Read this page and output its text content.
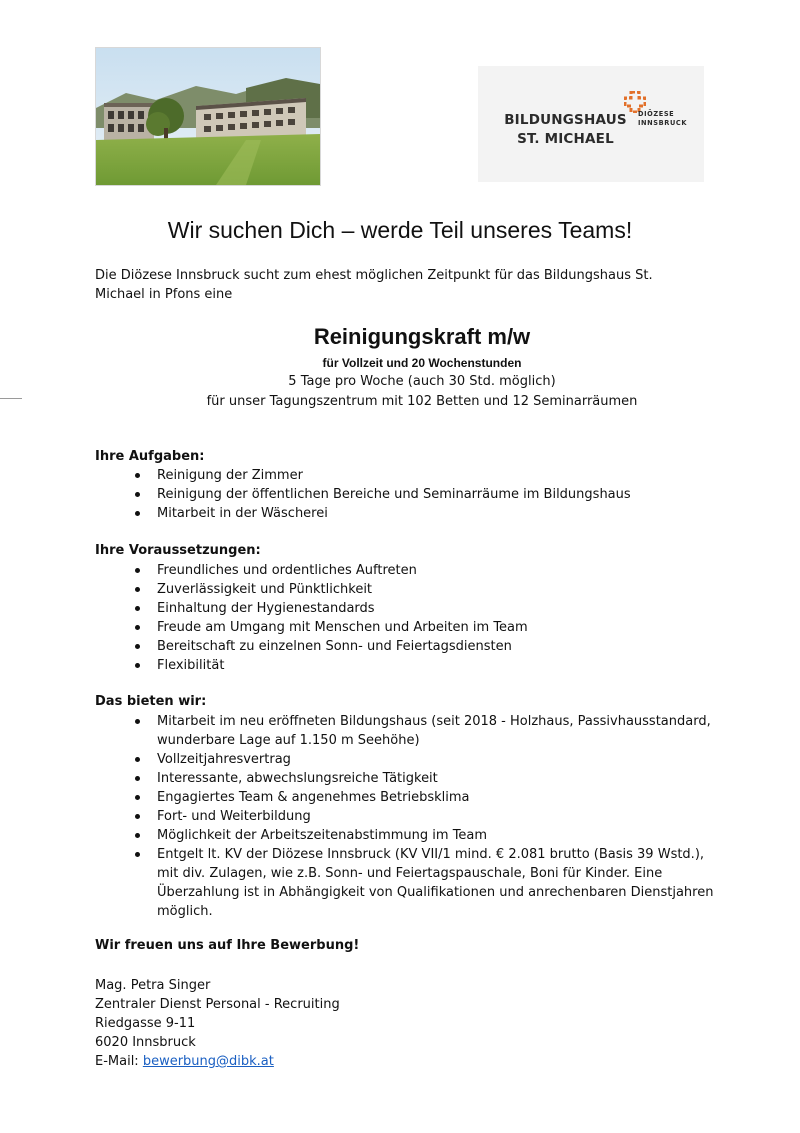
BILDUNGSHAUS
ST. MICHAEL
DIÖZESE
INNSBRUCK
Wir suchen Dich – werde Teil unseres Teams!
Die Diözese Innsbruck sucht zum ehest möglichen Zeitpunkt für das Bildungshaus St. Michael in Pfons eine
Reinigungskraft m/w
für Vollzeit und 20 Wochenstunden
5 Tage pro Woche (auch 30 Std. möglich)
für unser Tagungszentrum mit 102 Betten und 12 Seminarräumen
Ihre Aufgaben:
Reinigung der Zimmer
Reinigung der öffentlichen Bereiche und Seminarräume im Bildungshaus
Mitarbeit in der Wäscherei
Ihre Voraussetzungen:
Freundliches und ordentliches Auftreten
Zuverlässigkeit und Pünktlichkeit
Einhaltung der Hygienestandards
Freude am Umgang mit Menschen und Arbeiten im Team
Bereitschaft zu einzelnen Sonn- und Feiertagsdiensten
Flexibilität
Das bieten wir:
Mitarbeit im neu eröffneten Bildungshaus (seit 2018 - Holzhaus, Passivhausstandard, wunderbare Lage auf 1.150 m Seehöhe)
Vollzeitjahresvertrag
Interessante, abwechslungsreiche Tätigkeit
Engagiertes Team & angenehmes Betriebsklima
Fort- und Weiterbildung
Möglichkeit der Arbeitszeitenabstimmung im Team
Entgelt lt. KV der Diözese Innsbruck (KV VII/1 mind. € 2.081 brutto (Basis 39 Wstd.), mit div. Zulagen, wie z.B. Sonn- und Feiertagspauschale, Boni für Kinder. Eine Überzahlung ist in Abhängigkeit von Qualifikationen und anrechenbaren Dienstjahren möglich.
Wir freuen uns auf Ihre Bewerbung!
Mag. Petra Singer
Zentraler Dienst Personal - Recruiting
Riedgasse 9-11
6020 Innsbruck
E-Mail: bewerbung@dibk.at
